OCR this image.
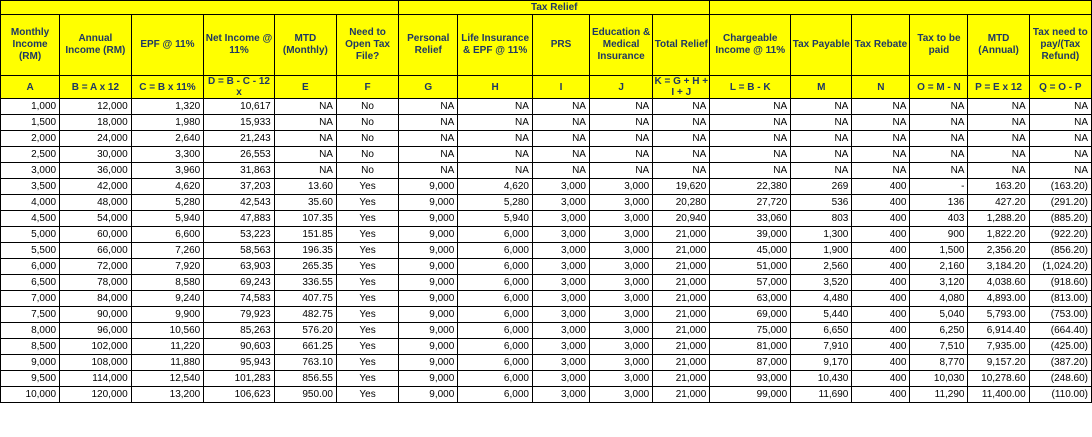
						Tax Relief										
Monthly Income (RM)	Annual Income (RM)	EPF @ 11%	Net Income @ 11%	MTD (Monthly)	Need to Open Tax File?	Personal Relief	Life Insurance & EPF @ 11%	PRS	Education & Medical Insurance	Total Relief	Chargeable Income @ 11%	Tax Payable	Tax Rebate	Tax to be paid	MTD (Annual)	Tax need to pay/(Tax Refund)
A	B = A x 12	C = B x 11%	D = B - C - 12 x	E	F	G	H	I	J	K = G + H + I + J	L = B - K	M	N	O = M - N	P = E x 12	Q = O - P
1,000	12,000	1,320	10,617	NA	No	NA	NA	NA	NA	NA	NA	NA	NA	NA	NA	NA
1,500	18,000	1,980	15,933	NA	No	NA	NA	NA	NA	NA	NA	NA	NA	NA	NA	NA
2,000	24,000	2,640	21,243	NA	No	NA	NA	NA	NA	NA	NA	NA	NA	NA	NA	NA
2,500	30,000	3,300	26,553	NA	No	NA	NA	NA	NA	NA	NA	NA	NA	NA	NA	NA
3,000	36,000	3,960	31,863	NA	No	NA	NA	NA	NA	NA	NA	NA	NA	NA	NA	NA
3,500	42,000	4,620	37,203	13.60	Yes	9,000	4,620	3,000	3,000	19,620	22,380	269	400	-	163.20	(163.20)
4,000	48,000	5,280	42,543	35.60	Yes	9,000	5,280	3,000	3,000	20,280	27,720	536	400	136	427.20	(291.20)
4,500	54,000	5,940	47,883	107.35	Yes	9,000	5,940	3,000	3,000	20,940	33,060	803	400	403	1,288.20	(885.20)
5,000	60,000	6,600	53,223	151.85	Yes	9,000	6,000	3,000	3,000	21,000	39,000	1,300	400	900	1,822.20	(922.20)
5,500	66,000	7,260	58,563	196.35	Yes	9,000	6,000	3,000	3,000	21,000	45,000	1,900	400	1,500	2,356.20	(856.20)
6,000	72,000	7,920	63,903	265.35	Yes	9,000	6,000	3,000	3,000	21,000	51,000	2,560	400	2,160	3,184.20	(1,024.20)
6,500	78,000	8,580	69,243	336.55	Yes	9,000	6,000	3,000	3,000	21,000	57,000	3,520	400	3,120	4,038.60	(918.60)
7,000	84,000	9,240	74,583	407.75	Yes	9,000	6,000	3,000	3,000	21,000	63,000	4,480	400	4,080	4,893.00	(813.00)
7,500	90,000	9,900	79,923	482.75	Yes	9,000	6,000	3,000	3,000	21,000	69,000	5,440	400	5,040	5,793.00	(753.00)
8,000	96,000	10,560	85,263	576.20	Yes	9,000	6,000	3,000	3,000	21,000	75,000	6,650	400	6,250	6,914.40	(664.40)
8,500	102,000	11,220	90,603	661.25	Yes	9,000	6,000	3,000	3,000	21,000	81,000	7,910	400	7,510	7,935.00	(425.00)
9,000	108,000	11,880	95,943	763.10	Yes	9,000	6,000	3,000	3,000	21,000	87,000	9,170	400	8,770	9,157.20	(387.20)
9,500	114,000	12,540	101,283	856.55	Yes	9,000	6,000	3,000	3,000	21,000	93,000	10,430	400	10,030	10,278.60	(248.60)
10,000	120,000	13,200	106,623	950.00	Yes	9,000	6,000	3,000	3,000	21,000	99,000	11,690	400	11,290	11,400.00	(110.00)
